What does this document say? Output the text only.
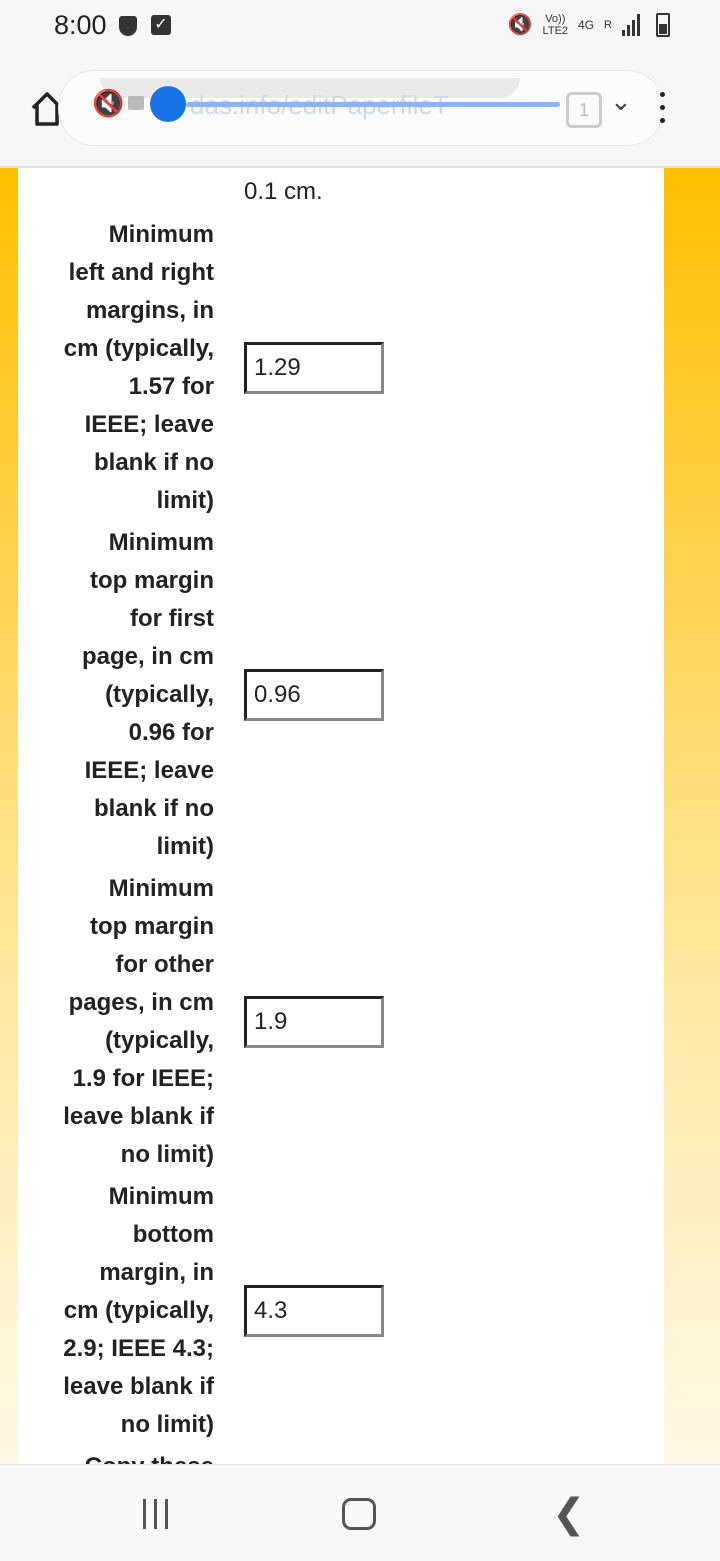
8:00	✓	🔇 Vo))
LTE2 4G R
🔇	1 ⌄
0.1 cm.
Minimum
left and right
margins, in
cm (typically,
1.57 for
IEEE; leave
blank if no
limit)
1.29
Minimum
top margin
for first
page, in cm
(typically,
0.96 for
IEEE; leave
blank if no
limit)
0.96
Minimum
top margin
for other
pages, in cm
(typically,
1.9 for IEEE;
leave blank if
no limit)
1.9
Minimum
bottom
margin, in
cm (typically,
2.9; IEEE 4.3;
leave blank if
no limit)
4.3
❮
